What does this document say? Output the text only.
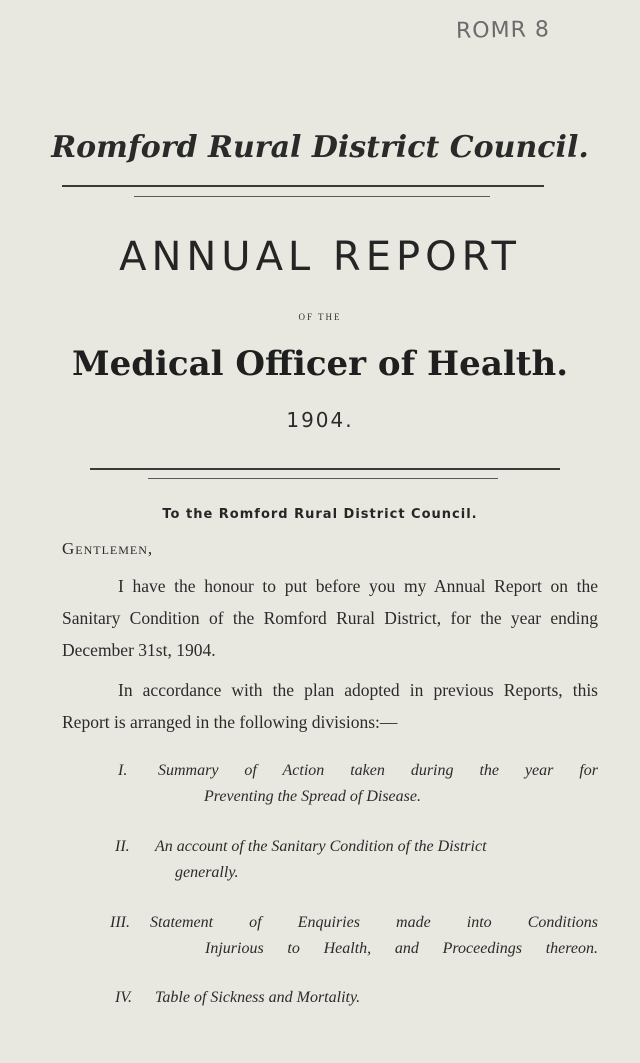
ROMR 8
Romford Rural District Council.
ANNUAL REPORT
OF THE
Medical Officer of Health.
1904.
To the Romford Rural District Council.
Gentlemen,
I have the honour to put before you my Annual Report on the Sanitary Condition of the Romford Rural District, for the year ending December 31st, 1904.
In accordance with the plan adopted in previous Reports, this Report is arranged in the following divisions:—
I. Summary of Action taken during the year for
Preventing the Spread of Disease.
II. An account of the Sanitary Condition of the District
generally.
III. Statement of Enquiries made into Conditions
Injurious to Health, and Proceedings thereon.
IV. Table of Sickness and Mortality.
